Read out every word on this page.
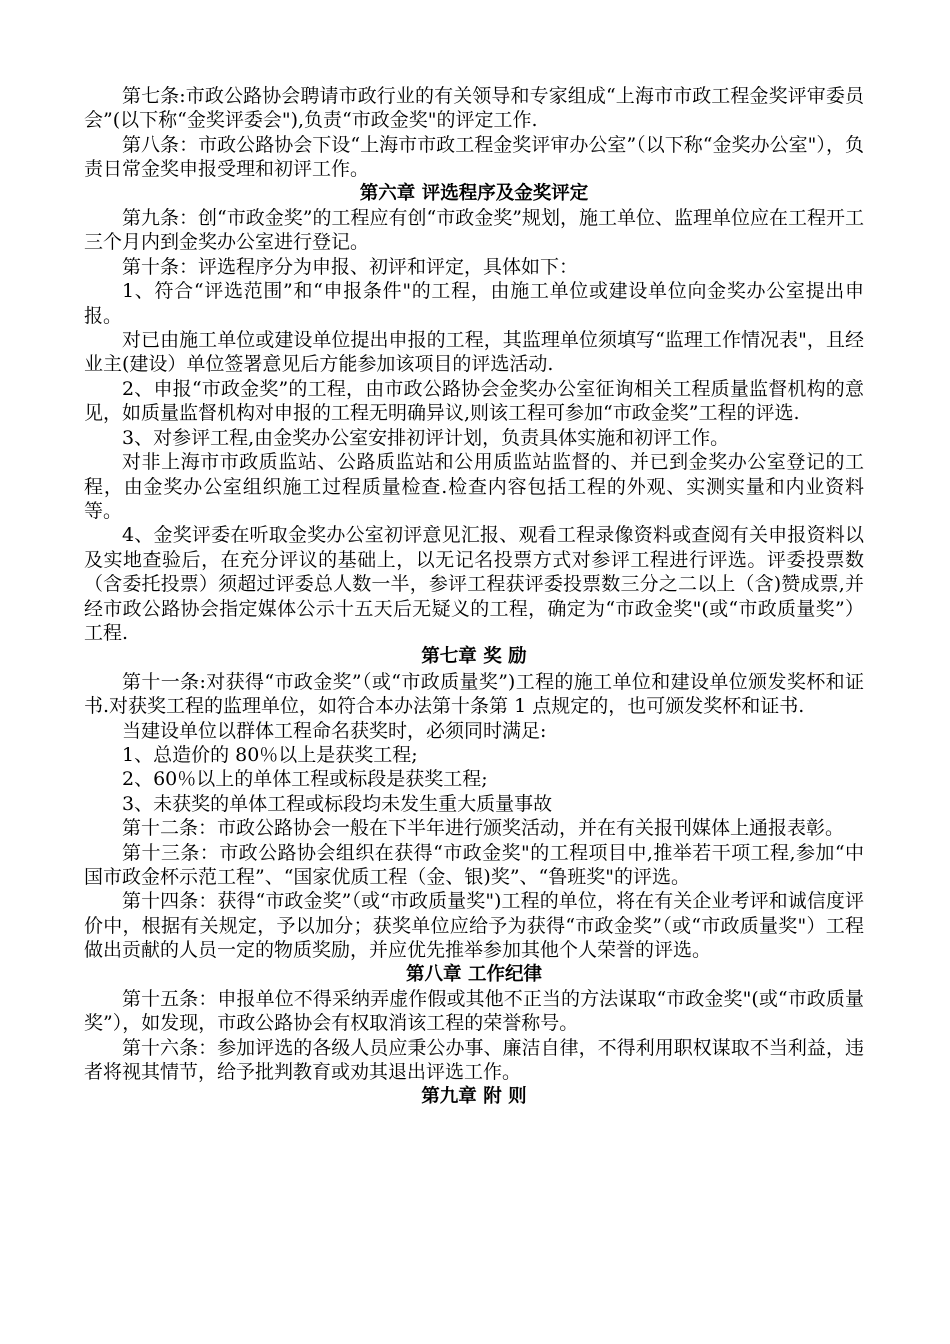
第七条:市政公路协会聘请市政行业的有关领导和专家组成“上海市市政工程金奖评审委员会”(以下称“金奖评委会"),负责“市政金奖"的评定工作.

第八条：市政公路协会下设“上海市市政工程金奖评审办公室”（以下称“金奖办公室"），负责日常金奖申报受理和初评工作。

第六章 评选程序及金奖评定

第九条：创“市政金奖”的工程应有创“市政金奖”规划，施工单位、监理单位应在工程开工三个月内到金奖办公室进行登记。

第十条：评选程序分为申报、初评和评定，具体如下：

1、符合“评选范围”和“申报条件"的工程，由施工单位或建设单位向金奖办公室提出申报。

对已由施工单位或建设单位提出申报的工程，其监理单位须填写“监理工作情况表"，且经业主(建设）单位签署意见后方能参加该项目的评选活动.

2、申报“市政金奖”的工程，由市政公路协会金奖办公室征询相关工程质量监督机构的意见，如质量监督机构对申报的工程无明确异议,则该工程可参加“市政金奖”工程的评选.

3、对参评工程,由金奖办公室安排初评计划，负责具体实施和初评工作。

对非上海市市政质监站、公路质监站和公用质监站监督的、并已到金奖办公室登记的工程，由金奖办公室组织施工过程质量检查.检查内容包括工程的外观、实测实量和内业资料等。

4、金奖评委在听取金奖办公室初评意见汇报、观看工程录像资料或查阅有关申报资料以及实地查验后，在充分评议的基础上，以无记名投票方式对参评工程进行评选。评委投票数（含委托投票）须超过评委总人数一半，参评工程获评委投票数三分之二以上（含)赞成票,并经市政公路协会指定媒体公示十五天后无疑义的工程，确定为“市政金奖"(或“市政质量奖”）工程.

第七章 奖 励

第十一条:对获得“市政金奖”（或“市政质量奖”)工程的施工单位和建设单位颁发奖杯和证书.对获奖工程的监理单位，如符合本办法第十条第 1 点规定的，也可颁发奖杯和证书.

当建设单位以群体工程命名获奖时，必须同时满足:

1、总造价的 80％以上是获奖工程;

2、60％以上的单体工程或标段是获奖工程;

3、未获奖的单体工程或标段均未发生重大质量事故

第十二条：市政公路协会一般在下半年进行颁奖活动，并在有关报刊媒体上通报表彰。

第十三条：市政公路协会组织在获得“市政金奖"的工程项目中,推举若干项工程,参加“中国市政金杯示范工程”、“国家优质工程（金、银)奖”、“鲁班奖"的评选。

第十四条：获得“市政金奖”（或“市政质量奖")工程的单位，将在有关企业考评和诚信度评价中，根据有关规定，予以加分；获奖单位应给予为获得“市政金奖”（或“市政质量奖"）工程做出贡献的人员一定的物质奖励，并应优先推举参加其他个人荣誉的评选。

第八章 工作纪律

第十五条：申报单位不得采纳弄虚作假或其他不正当的方法谋取“市政金奖"(或“市政质量奖”），如发现，市政公路协会有权取消该工程的荣誉称号。

第十六条：参加评选的各级人员应秉公办事、廉洁自律，不得利用职权谋取不当利益，违者将视其情节，给予批判教育或劝其退出评选工作。

第九章 附 则
